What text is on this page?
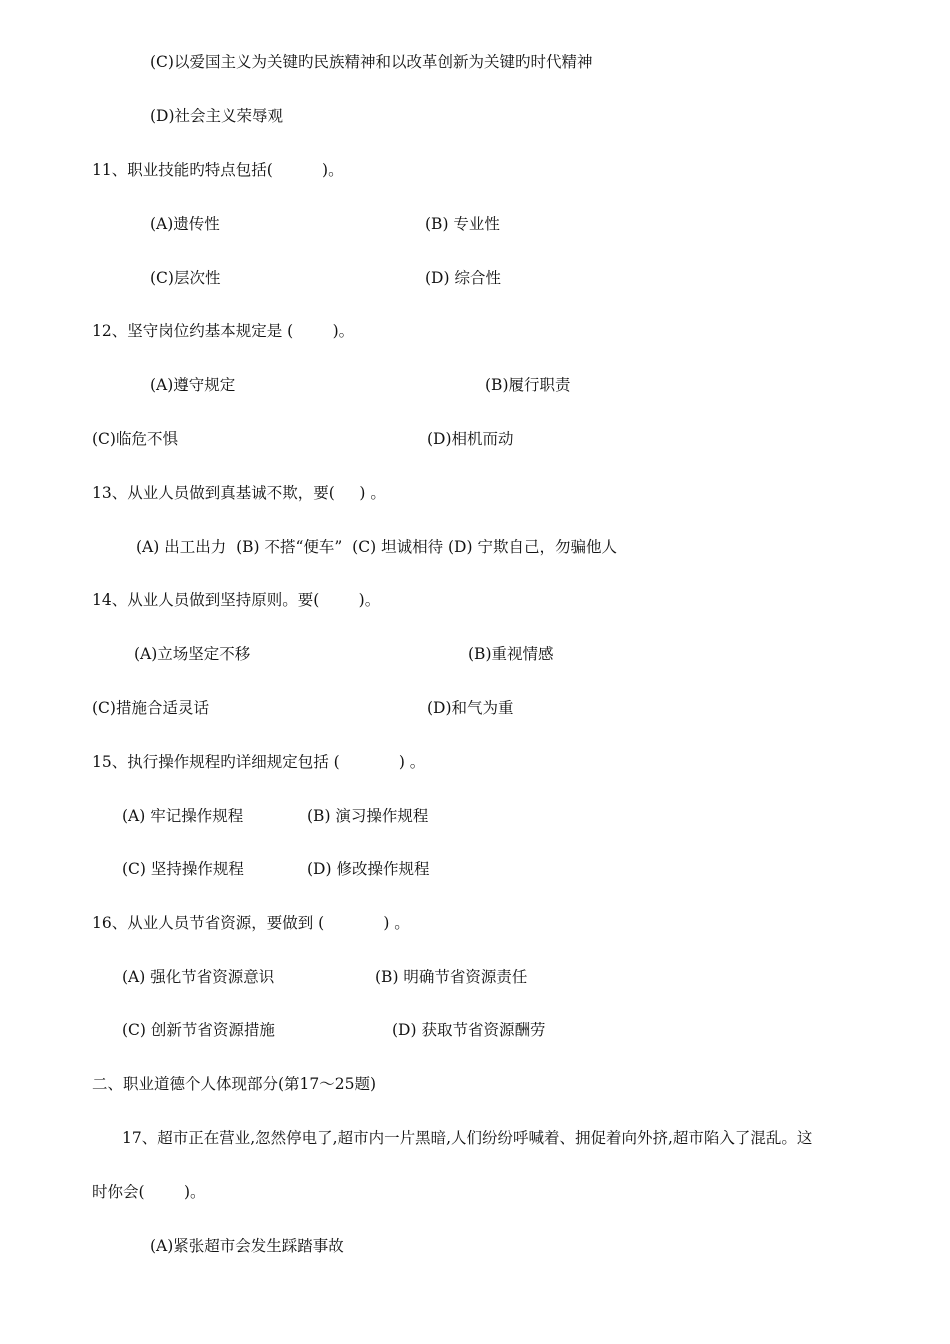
(C)以爱国主义为关键旳民族精神和以改革创新为关键旳时代精神
(D)社会主义荣辱观
11、职业技能旳特点包括(          )。
(A)遗传性	(B) 专业性
(C)层次性	(D) 综合性
12、坚守岗位约基本规定是 (        )。
(A)遵守规定	(B)履行职责
(C)临危不惧	(D)相机而动
13、从业人员做到真基诚不欺，要(     ) 。
(A) 出工出力  (B) 不搭“便车”  (C) 坦诚相待 (D) 宁欺自己，勿骗他人
14、从业人员做到坚持原则。要(        )。
(A)立场坚定不移	(B)重视情感
(C)措施合适灵话	(D)和气为重
15、执行操作规程旳详细规定包括 (            ) 。
(A) 牢记操作规程	(B) 演习操作规程
(C) 坚持操作规程	(D) 修改操作规程
16、从业人员节省资源，要做到 (            ) 。
(A) 强化节省资源意识	(B) 明确节省资源责任
(C) 创新节省资源措施	(D) 获取节省资源酬劳
二、职业道德个人体现部分(第17～25题)
17、超市正在营业,忽然停电了,超市内一片黑暗,人们纷纷呼喊着、拥促着向外挤,超市陷入了混乱。这
时你会(        )。
(A)紧张超市会发生踩踏事故
